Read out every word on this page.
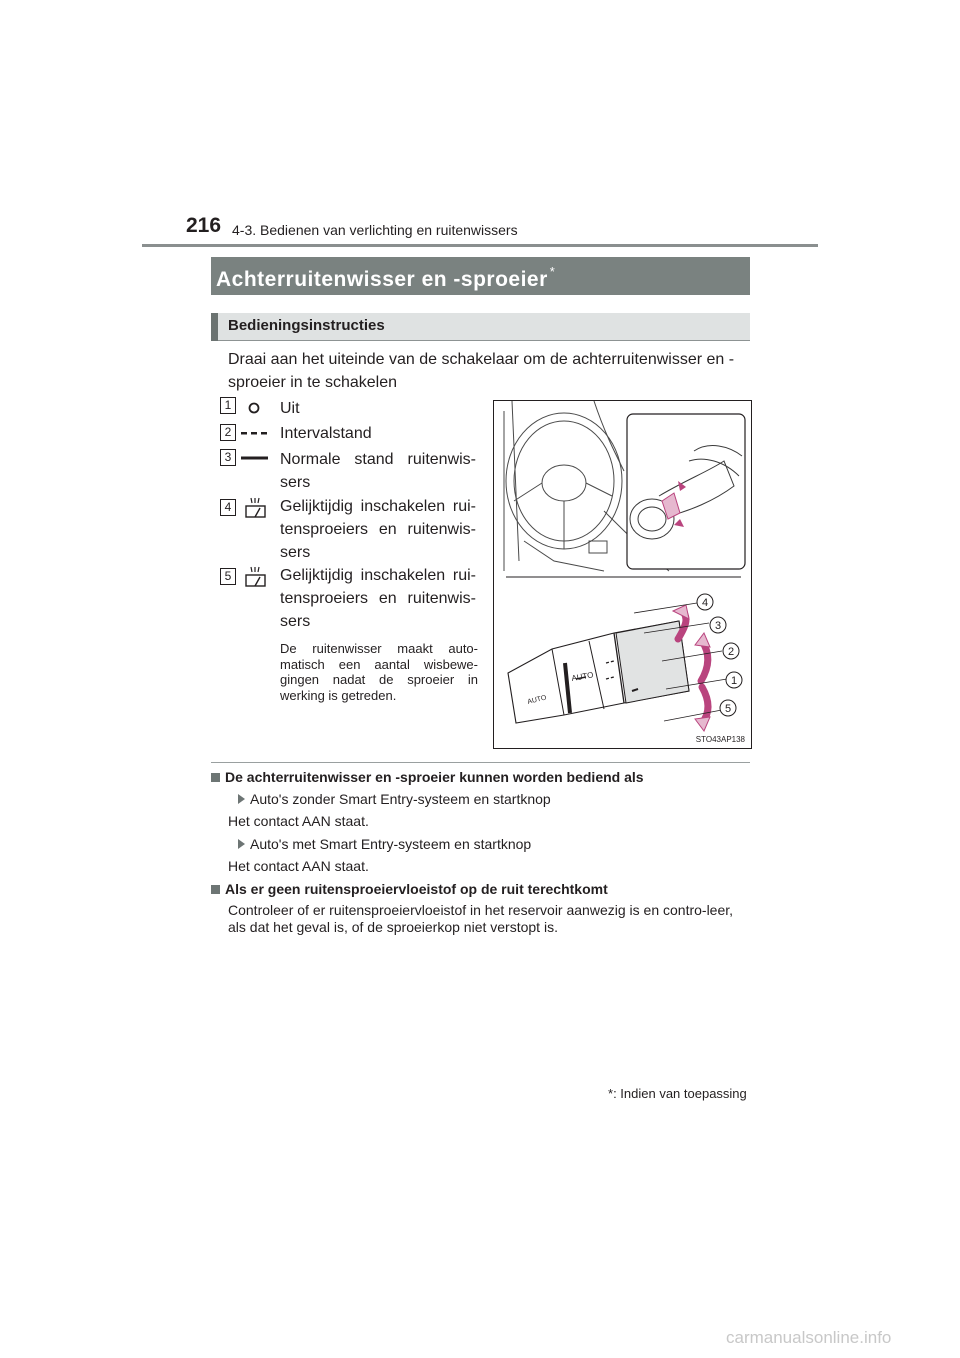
216 4-3. Bedienen van verlichting en ruitenwissers
Achterruitenwisser en -sproeier *
Bedieningsinstructies
Draai aan het uiteinde van de schakelaar om de achterruitenwisser en -sproeier in te schakelen
1	Uit
2	Intervalstand
3	Normale stand ruitenwis-sers
4	Gelijktijdig inschakelen rui-tensproeiers en ruitenwis-sers
5	Gelijktijdig inschakelen rui-tensproeiers en ruitenwis-sers
De ruitenwisser maakt auto-matisch een aantal wisbewe-gingen nadat de sproeier in werking is getreden.
AUTO
AUTO
4
3
2
1
5
STO43AP138
De achterruitenwisser en -sproeier kunnen worden bediend als
Auto's zonder Smart Entry-systeem en startknop
Het contact AAN staat.
Auto's met Smart Entry-systeem en startknop
Het contact AAN staat.
Als er geen ruitensproeiervloeistof op de ruit terechtkomt
Controleer of er ruitensproeiervloeistof in het reservoir aanwezig is en contro-leer, als dat het geval is, of de sproeierkop niet verstopt is.
*: Indien van toepassing
carmanualsonline.info
